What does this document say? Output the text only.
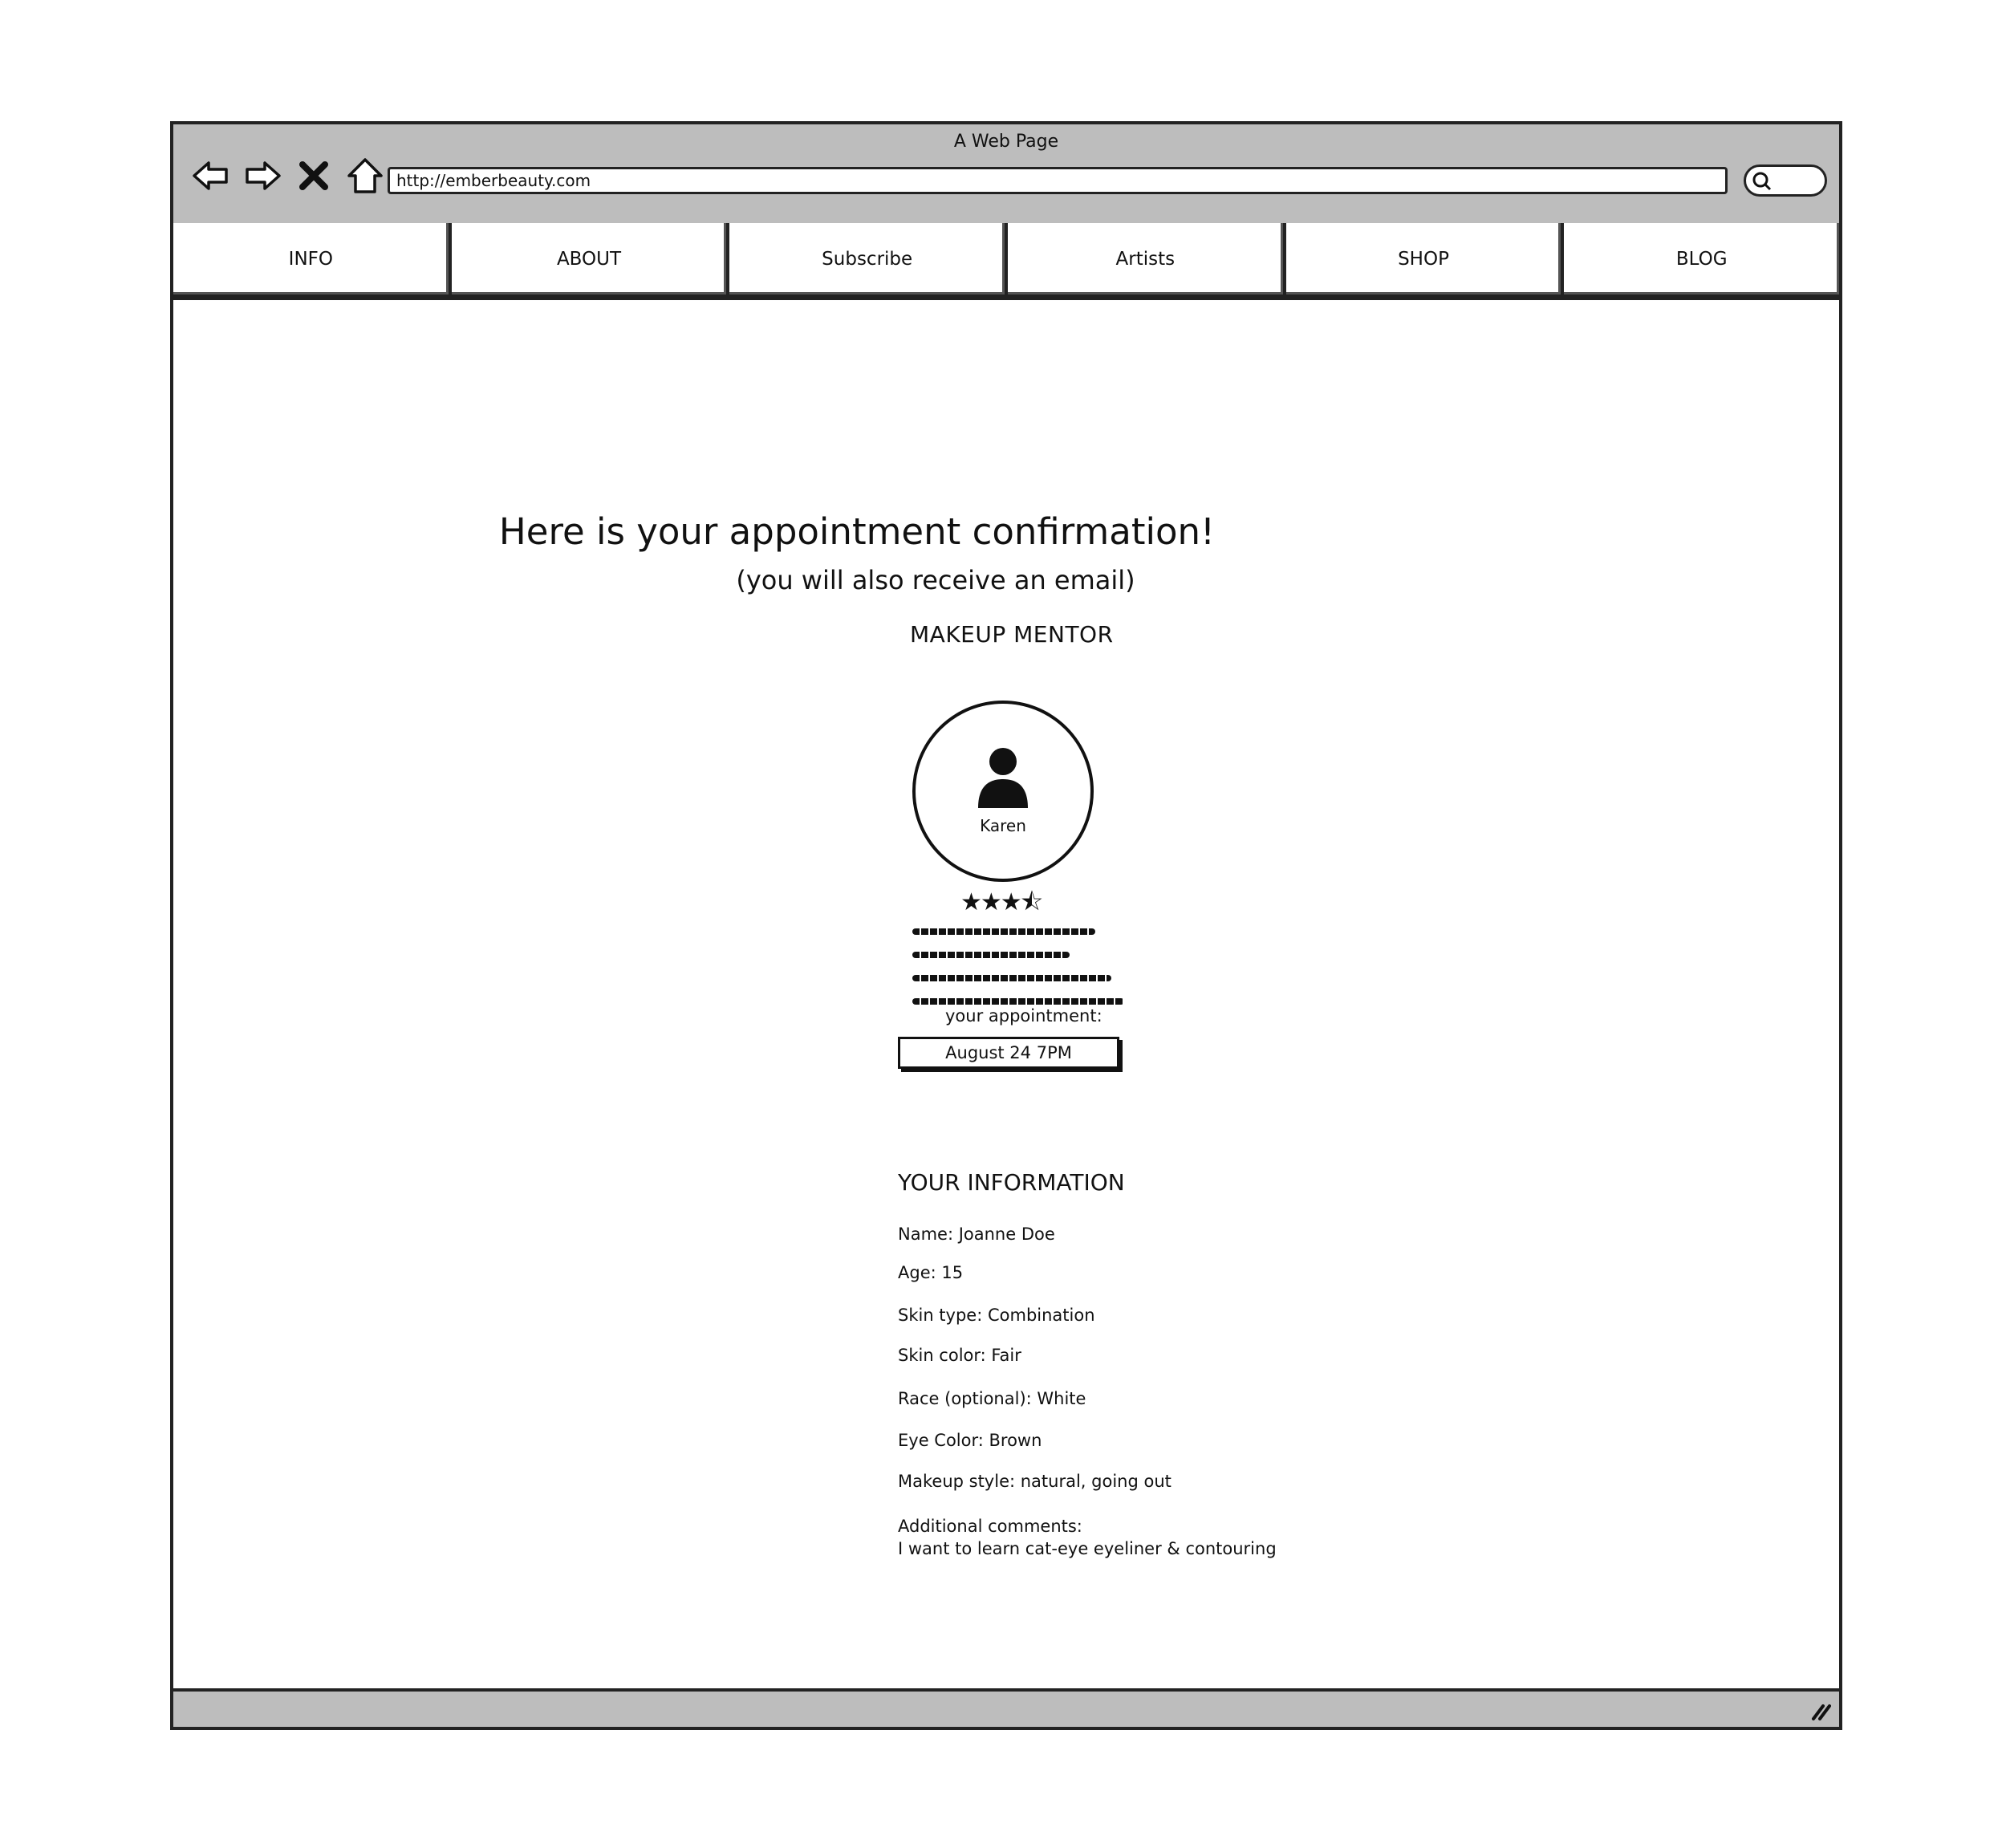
A Web Page
http://emberbeauty.com
INFO	ABOUT	Subscribe	Artists	SHOP	BLOG
Here is your appointment confirmation!
(you will also receive an email)
MAKEUP MENTOR
Karen
★★★⯪
your appointment:
August 24 7PM
YOUR INFORMATION
Name: Joanne Doe
Age: 15
Skin type: Combination
Skin color: Fair
Race (optional): White
Eye Color: Brown
Makeup style: natural, going out
Additional comments:
I want to learn cat-eye eyeliner & contouring
